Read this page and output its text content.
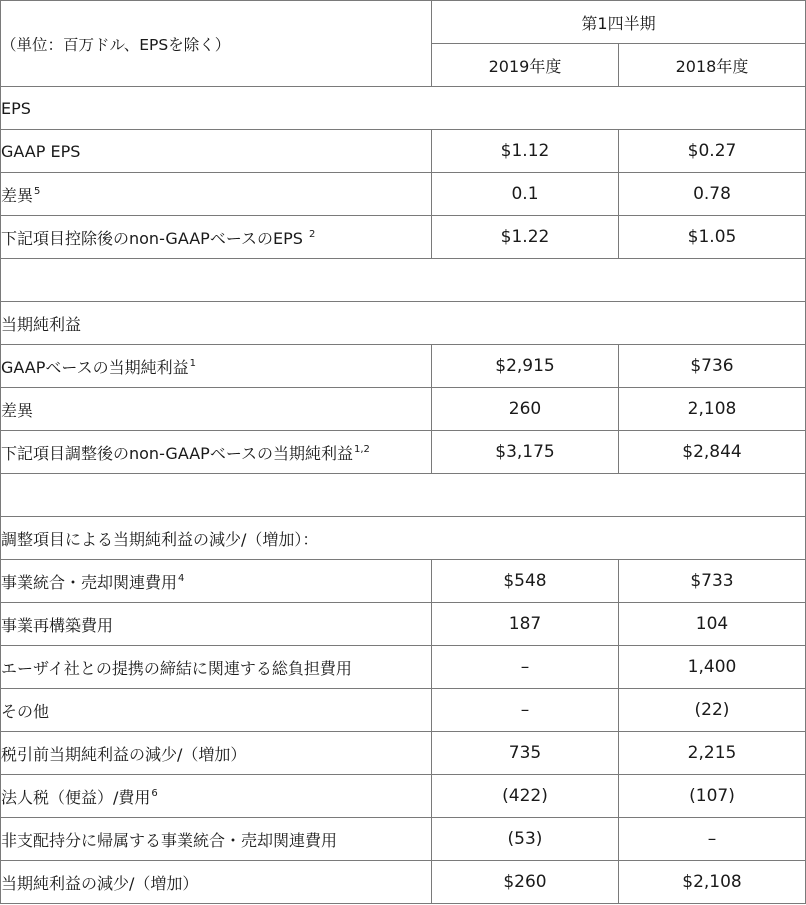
（単位：百万ドル、EPSを除く）	第1四半期	
	2019年度	2018年度
EPS		
GAAP EPS	$1.12	$0.27
差異$^5$	0.1	0.78
下記項目控除後のnon-GAAPベースのEPS $^2$	$1.22	$1.05

当期純利益		
GAAPベースの当期純利益$^1$	$2,915	$736
差異	260	2,108
下記項目調整後のnon-GAAPベースの当期純利益$^{1,2}$	$3,175	$2,844

調整項目による当期純利益の減少/（増加）：		
事業統合・売却関連費用$^4$	$548	$733
事業再構築費用	187	104
エーザイ社との提携の締結に関連する総負担費用	–	1,400
その他	–	(22)
税引前当期純利益の減少/（増加）	735	2,215
法人税（便益）/費用$^6$	(422)	(107)
非支配持分に帰属する事業統合・売却関連費用	(53)	–
当期純利益の減少/（増加）	$260	$2,108
